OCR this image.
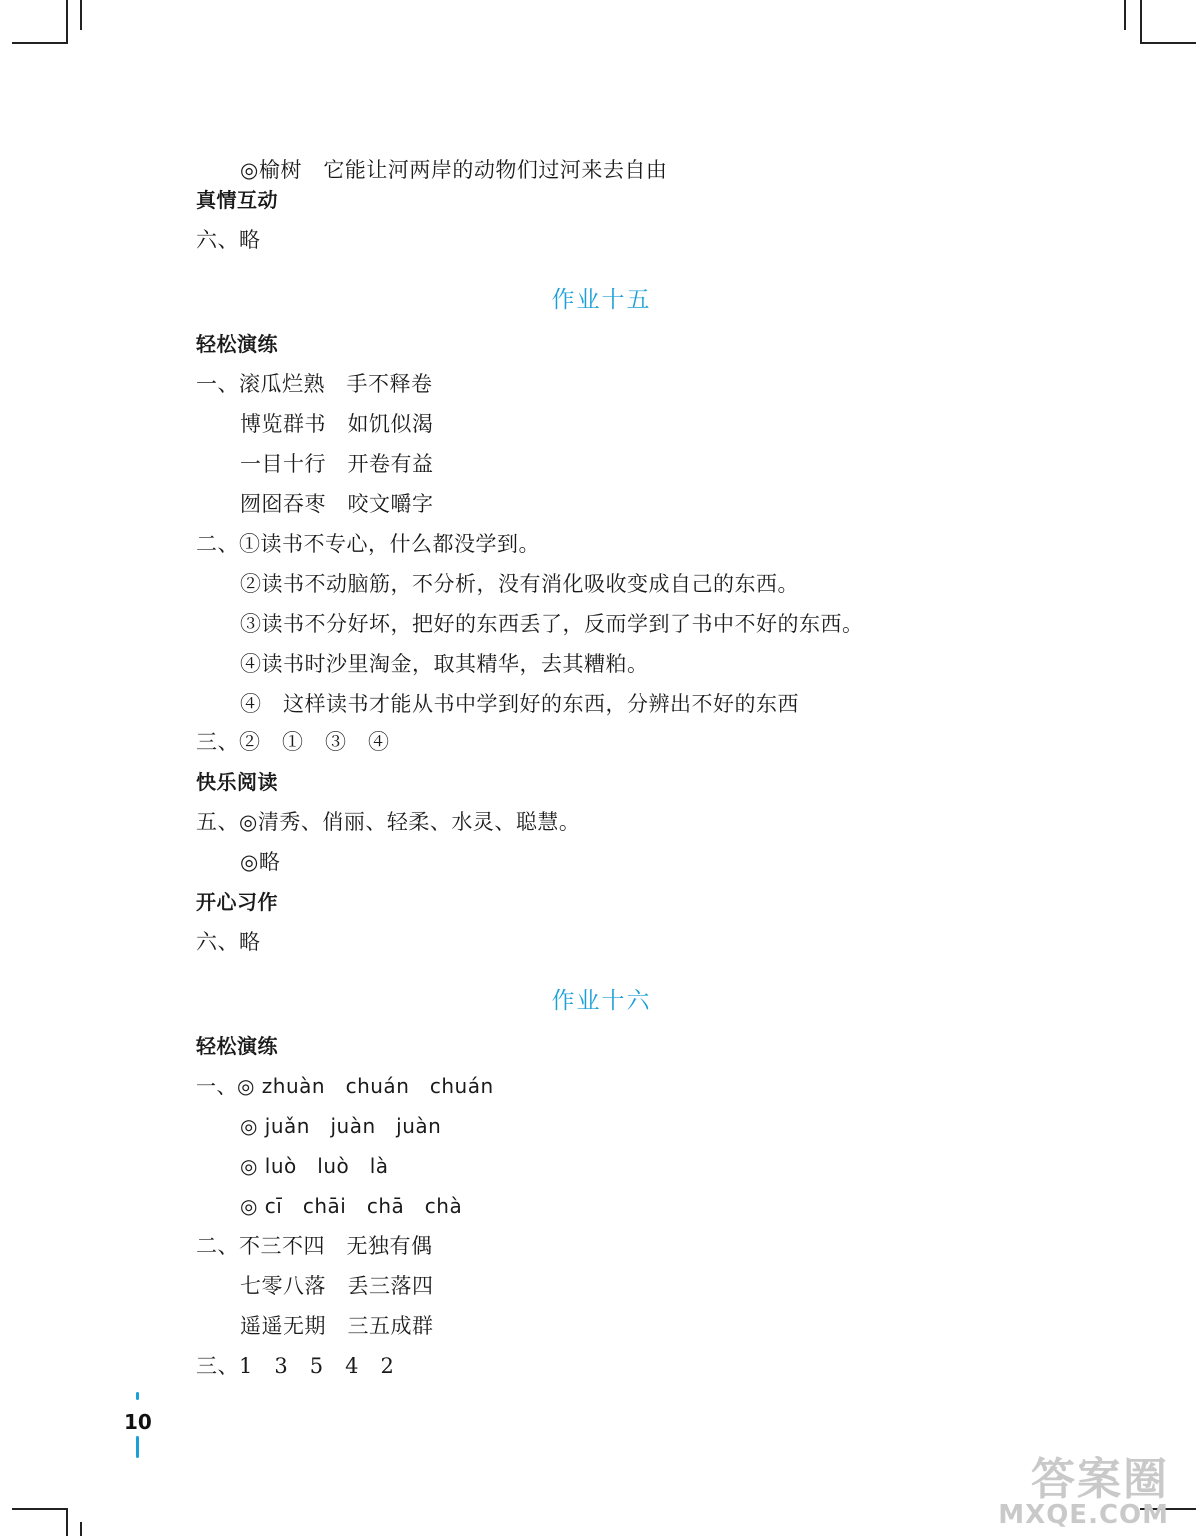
◎榆树　它能让河两岸的动物们过河来去自由
真情互动
六、略
作业十五
轻松演练
一、滚瓜烂熟　手不释卷
博览群书　如饥似渴
一目十行　开卷有益
囫囵吞枣　咬文嚼字
二、①读书不专心，什么都没学到。
②读书不动脑筋，不分析，没有消化吸收变成自己的东西。
③读书不分好坏，把好的东西丢了，反而学到了书中不好的东西。
④读书时沙里淘金，取其精华，去其糟粕。
④　这样读书才能从书中学到好的东西，分辨出不好的东西
三、②　①　③　④
快乐阅读
五、◎清秀、俏丽、轻柔、水灵、聪慧。
◎略
开心习作
六、略
作业十六
轻松演练
一、◎ zhuàn　chuán　chuán
◎ juǎn　juàn　juàn
◎ luò　luò　là
◎ cī　chāi　chā　chà
二、不三不四　无独有偶
七零八落　丢三落四
遥遥无期　三五成群
三、1　3　5　4　2
10
答案圈
MXQE.COM
